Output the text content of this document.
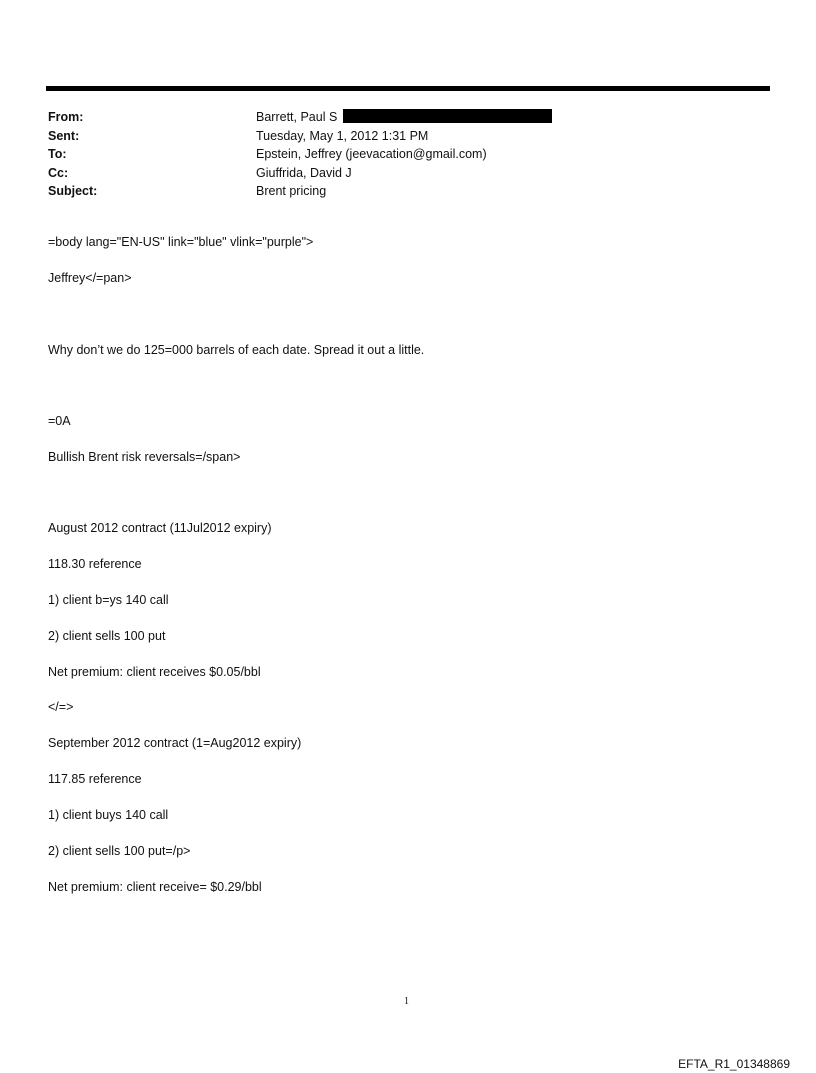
From:	Barrett, Paul S
Sent:	Tuesday, May 1, 2012 1:31 PM
To:	Epstein, Jeffrey (jeevacation@gmail.com)
Cc:	Giuffrida, David J
Subject:	Brent pricing
=body lang="EN-US" link="blue" vlink="purple">
Jeffrey</=pan>
Why don’t we do 125=000 barrels of each date. Spread it out a little.
=0A
Bullish Brent risk reversals=/span>
August 2012 contract (11Jul2012 expiry)
118.30 reference
1) client b=ys 140 call
2) client sells 100 put
Net premium: client receives $0.05/bbl
</=>
September 2012 contract (1=Aug2012 expiry)
117.85 reference
1) client buys 140 call
2) client sells 100 put=/p>
Net premium: client receive= $0.29/bbl
1
EFTA_R1_01348869
